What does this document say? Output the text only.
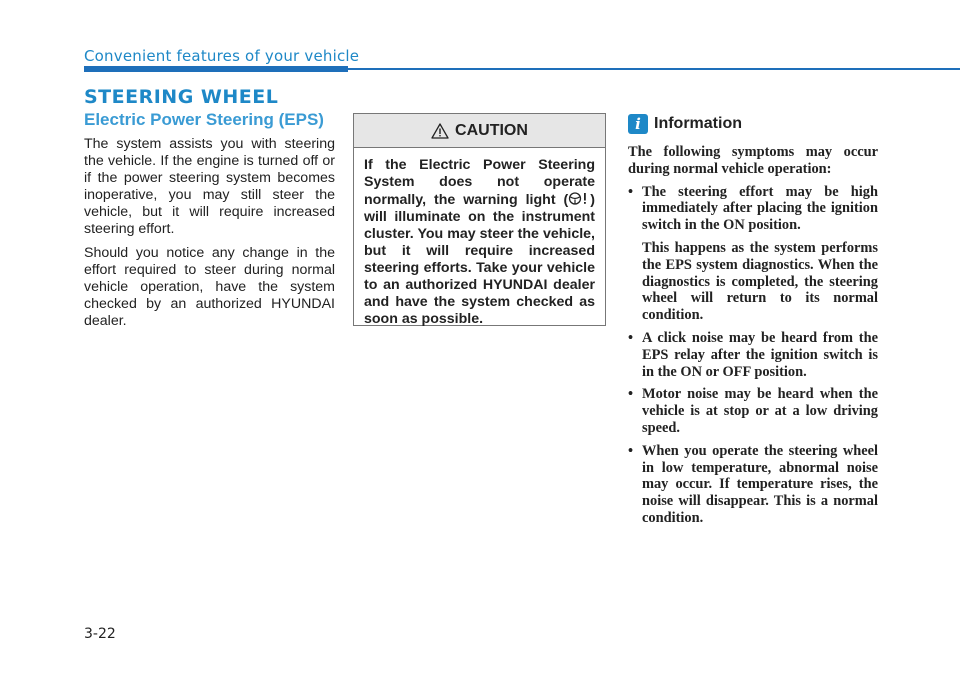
Convenient features of your vehicle
STEERING WHEEL
Electric Power Steering (EPS)

The system assists you with steering the vehicle. If the engine is turned off or if the power steering system becomes inoperative, you may still steer the vehicle, but it will require increased steering effort.

Should you notice any change in the effort required to steer during normal vehicle operation, have the system checked by an authorized HYUNDAI dealer.

CAUTION
If the Electric Power Steering System does not operate normally, the warning light ( ) will illuminate on the instrument cluster. You may steer the vehicle, but it will require increased steering efforts. Take your vehicle to an authorized HYUNDAI dealer and have the system checked as soon as possible.
i Information

The following symptoms may occur during normal vehicle operation:

• The steering effort may be high immediately after placing the ignition switch in the ON position.
This happens as the system performs the EPS system diagnostics. When the diagnostics is completed, the steering wheel will return to its normal condition.
• A click noise may be heard from the EPS relay after the ignition switch is in the ON or OFF position.
• Motor noise may be heard when the vehicle is at stop or at a low driving speed.
• When you operate the steering wheel in low temperature, abnormal noise may occur. If temperature rises, the noise will disappear. This is a normal condition.
3-22
